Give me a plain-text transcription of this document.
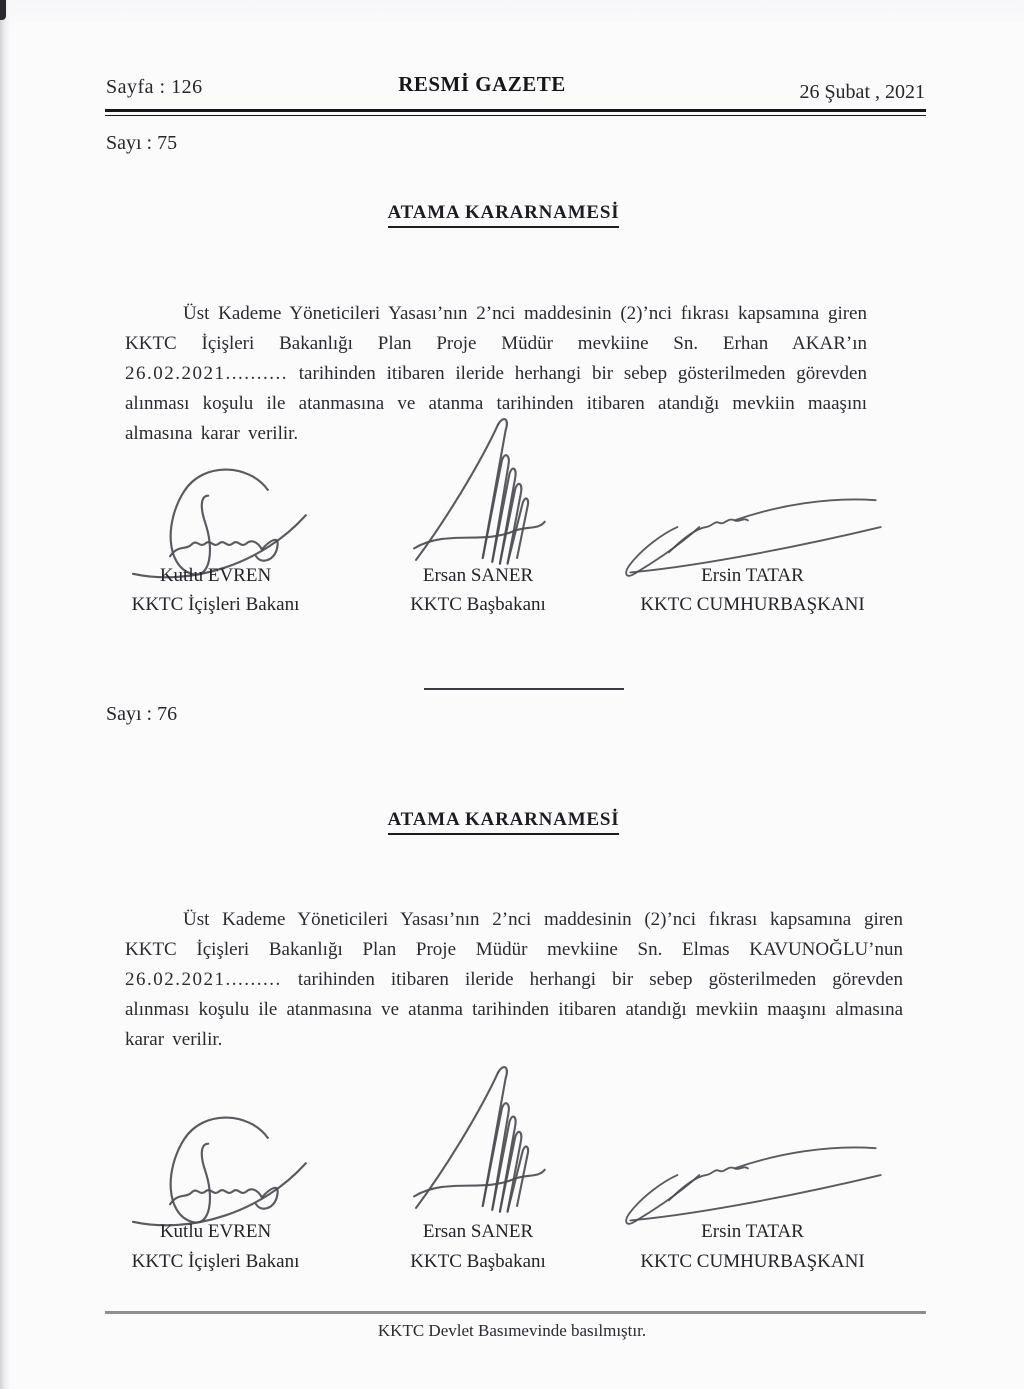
Sayfa : 126	RESMİ GAZETE	26 Şubat , 2021
Sayı : 75
ATAMA KARARNAMESİ

Üst Kademe Yöneticileri Yasası’nın 2’nci maddesinin (2)’nci fıkrası kapsamına giren KKTC İçişleri Bakanlığı Plan Proje Müdür mevkiine Sn. Erhan AKAR’ın 26.02.2021.......... tarihinden itibaren ileride herhangi bir sebep gösterilmeden görevden alınması koşulu ile atanmasına ve atanma tarihinden itibaren atandığı mevkiin maaşını almasına karar verilir.

Kutlu EVREN
KKTC İçişleri Bakanı
Ersan SANER
KKTC Başbakanı
Ersin TATAR
KKTC CUMHURBAŞKANI
Sayı : 76
ATAMA KARARNAMESİ

Üst Kademe Yöneticileri Yasası’nın 2’nci maddesinin (2)’nci fıkrası kapsamına giren KKTC İçişleri Bakanlığı Plan Proje Müdür mevkiine Sn. Elmas KAVUNOĞLU’nun 26.02.2021......... tarihinden itibaren ileride herhangi bir sebep gösterilmeden görevden alınması koşulu ile atanmasına ve atanma tarihinden itibaren atandığı mevkiin maaşını almasına karar verilir.

Kutlu EVREN
KKTC İçişleri Bakanı
Ersan SANER
KKTC Başbakanı
Ersin TATAR
KKTC CUMHURBAŞKANI
KKTC Devlet Basımevinde basılmıştır.
